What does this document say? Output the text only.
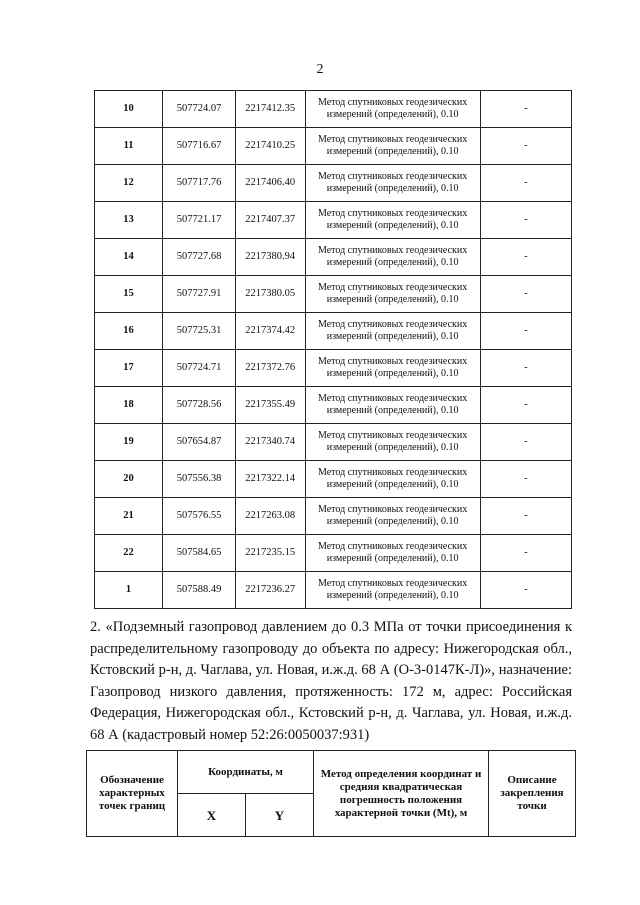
2
10	507724.07	2217412.35	Метод спутниковых геодезических измерений (определений), 0.10	-
11	507716.67	2217410.25	Метод спутниковых геодезических измерений (определений), 0.10	-
12	507717.76	2217406.40	Метод спутниковых геодезических измерений (определений), 0.10	-
13	507721.17	2217407.37	Метод спутниковых геодезических измерений (определений), 0.10	-
14	507727.68	2217380.94	Метод спутниковых геодезических измерений (определений), 0.10	-
15	507727.91	2217380.05	Метод спутниковых геодезических измерений (определений), 0.10	-
16	507725.31	2217374.42	Метод спутниковых геодезических измерений (определений), 0.10	-
17	507724.71	2217372.76	Метод спутниковых геодезических измерений (определений), 0.10	-
18	507728.56	2217355.49	Метод спутниковых геодезических измерений (определений), 0.10	-
19	507654.87	2217340.74	Метод спутниковых геодезических измерений (определений), 0.10	-
20	507556.38	2217322.14	Метод спутниковых геодезических измерений (определений), 0.10	-
21	507576.55	2217263.08	Метод спутниковых геодезических измерений (определений), 0.10	-
22	507584.65	2217235.15	Метод спутниковых геодезических измерений (определений), 0.10	-
1	507588.49	2217236.27	Метод спутниковых геодезических измерений (определений), 0.10	-
2. «Подземный газопровод давлением до 0.3 МПа от точки присоединения к распределительному газопроводу до объекта по адресу: Нижегородская обл., Кстовский р-н, д. Чаглава, ул. Новая, и.ж.д. 68 А (О-3-0147К-Л)», назначение: Газопровод низкого давления, протяженность: 172 м, адрес: Российская Федерация, Нижегородская обл., Кстовский р-н, д. Чаглава, ул. Новая, и.ж.д. 68 А (кадастровый номер 52:26:0050037:931)
Обозначение характерных точек границ	Координаты, м		Метод определения координат и средняя квадратическая погрешность положения характерной точки (Mt), м	Описание закрепления точки
	X	Y		
